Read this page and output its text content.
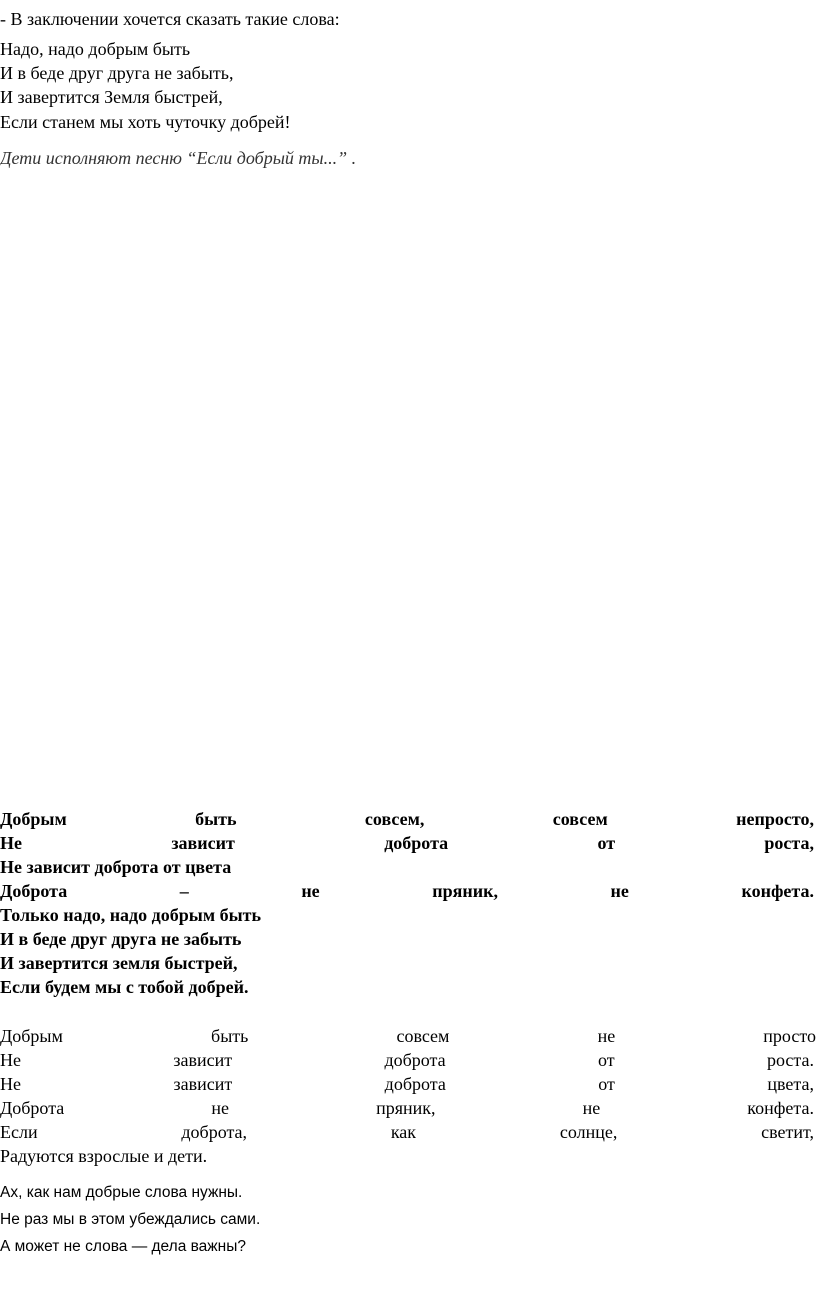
- В заключении хочется сказать такие слова:

Надо, надо добрым быть

И в беде друг друга не забыть,

И завертится Земля быстрей,

Если станем мы хоть чуточку добрей!

Дети исполняют песню “Если добрый ты...” .

Добрым	быть	совсем,	совсем	непросто,
Не	зависит	доброта	от	роста,

Не зависит доброта от цвета

Доброта	–	не	пряник,	не	конфета.

Только надо, надо добрым быть

И в беде друг друга не забыть

И завертится земля быстрей,

Если будем мы с тобой добрей.

Добрым	быть	совсем	не	просто
Не	зависит	доброта	от	роста.
Не	зависит	доброта	от	цвета,
Доброта	не	пряник,	не	конфета.
Если	доброта,	как	солнце,	светит,

Радуются взрослые и дети.

Ах, как нам добрые слова нужны.

Не раз мы в этом убеждались сами.

А может не слова — дела важны?
